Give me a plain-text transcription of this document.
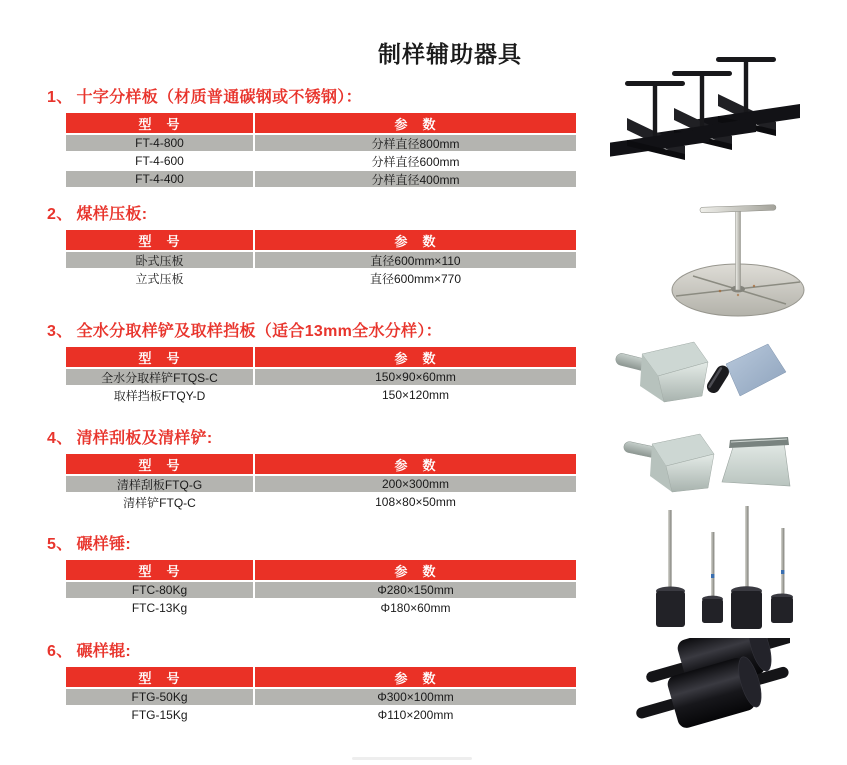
制样辅助器具
1、 十字分样板（材质普通碳钢或不锈钢）：
型　号	参　数
FT-4-800	分样直径800mm
FT-4-600	分样直径600mm
FT-4-400	分样直径400mm
2、 煤样压板:
型　号	参　数
卧式压板	直径600mm×110
立式压板	直径600mm×770
3、 全水分取样铲及取样挡板（适合13mm全水分样）：
型　号	参　数
全水分取样铲FTQS-C	150×90×60mm
取样挡板FTQY-D	150×120mm
4、 清样刮板及清样铲:
型　号	参　数
清样刮板FTQ-G	200×300mm
清样铲FTQ-C	108×80×50mm
5、 碾样锤:
型　号	参　数
FTC-80Kg	Φ280×150mm
FTC-13Kg	Φ180×60mm
6、 碾样辊:
型　号	参　数
FTG-50Kg	Φ300×100mm
FTG-15Kg	Φ110×200mm
